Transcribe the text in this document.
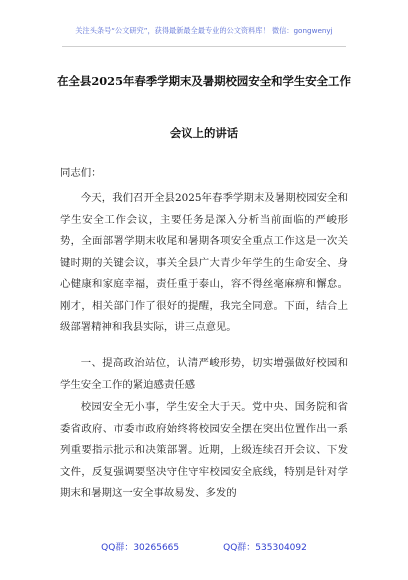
关注头条号“公文研究”，获得最新最全最专业的公文资料库！ 微信：gongwenyj
在全县2025年春季学期末及暑期校园安全和学生安全工作
会议上的讲话
同志们：
今天，我们召开全县2025年春季学期末及暑期校园安全和学生安全工作会议，主要任务是深入分析当前面临的严峻形势，全面部署学期末收尾和暑期各项安全重点工作这是一次关键时期的关键会议，事关全县广大青少年学生的生命安全、身心健康和家庭幸福，责任重于泰山，容不得丝毫麻痹和懈怠。刚才，相关部门作了很好的提醒，我完全同意。下面，结合上级部署精神和我县实际，讲三点意见。
一、提高政治站位，认清严峻形势，切实增强做好校园和学生安全工作的紧迫感责任感
校园安全无小事，学生安全大于天。党中央、国务院和省委省政府、市委市政府始终将校园安全摆在突出位置作出一系列重要指示批示和决策部署。近期，上级连续召开会议、下发文件，反复强调要坚决守住守牢校园安全底线，特别是针对学期末和暑期这一安全事故易发、多发的
QQ群：30265665	QQ群：535304092
